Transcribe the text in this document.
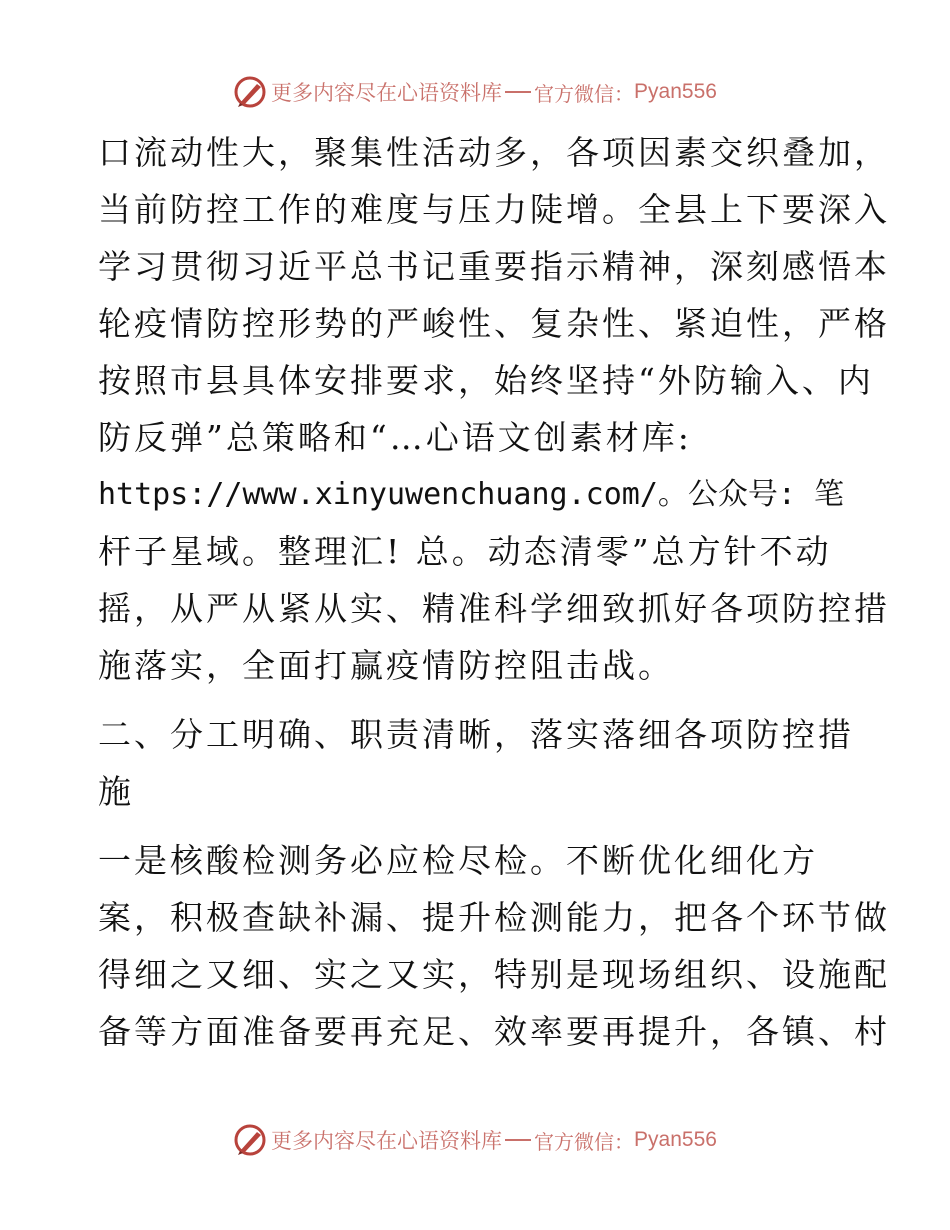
更多内容尽在心语资料库 官方微信： Pyan556
口流动性大，聚集性活动多，各项因素交织叠加，
当前防控工作的难度与压力陡增。全县上下要深入
学习贯彻习近平总书记重要指示精神，深刻感悟本
轮疫情防控形势的严峻性、复杂性、紧迫性，严格
按照市县具体安排要求，始终坚持“外防输入、内
防反弹”总策略和“…心语文创素材库:
https://www.xinyuwenchuang.com/。公众号: 笔
杆子星域。整理汇! 总。动态清零”总方针不动
摇，从严从紧从实、精准科学细致抓好各项防控措
施落实，全面打赢疫情防控阻击战。
二、分工明确、职责清晰，落实落细各项防控措
施
一是核酸检测务必应检尽检。不断优化细化方
案，积极查缺补漏、提升检测能力，把各个环节做
得细之又细、实之又实，特别是现场组织、设施配
备等方面准备要再充足、效率要再提升，各镇、村
更多内容尽在心语资料库 官方微信： Pyan556
